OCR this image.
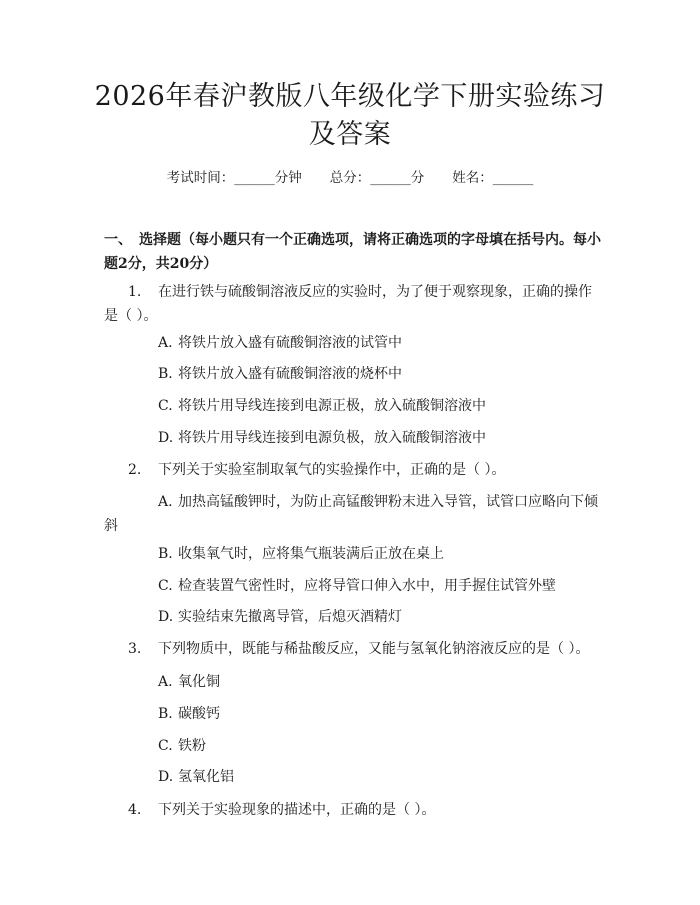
2026年春沪教版八年级化学下册实验练习及答案
考试时间：______分钟 总分：______分 姓名：______
一、　选择题（每小题只有一个正确选项，请将正确选项的字母填在括号内。每小题2分，共20分）
1. 在进行铁与硫酸铜溶液反应的实验时，为了便于观察现象，正确的操作是（ ）。
A. 将铁片放入盛有硫酸铜溶液的试管中
B. 将铁片放入盛有硫酸铜溶液的烧杯中
C. 将铁片用导线连接到电源正极，放入硫酸铜溶液中
D. 将铁片用导线连接到电源负极，放入硫酸铜溶液中
2. 下列关于实验室制取氧气的实验操作中，正确的是（ ）。
A. 加热高锰酸钾时，为防止高锰酸钾粉末进入导管，试管口应略向下倾斜
B. 收集氧气时，应将集气瓶装满后正放在桌上
C. 检查装置气密性时，应将导管口伸入水中，用手握住试管外壁
D. 实验结束先撤离导管，后熄灭酒精灯
3. 下列物质中，既能与稀盐酸反应，又能与氢氧化钠溶液反应的是（ ）。
A. 氧化铜
B. 碳酸钙
C. 铁粉
D. 氢氧化铝
4. 下列关于实验现象的描述中，正确的是（ ）。
